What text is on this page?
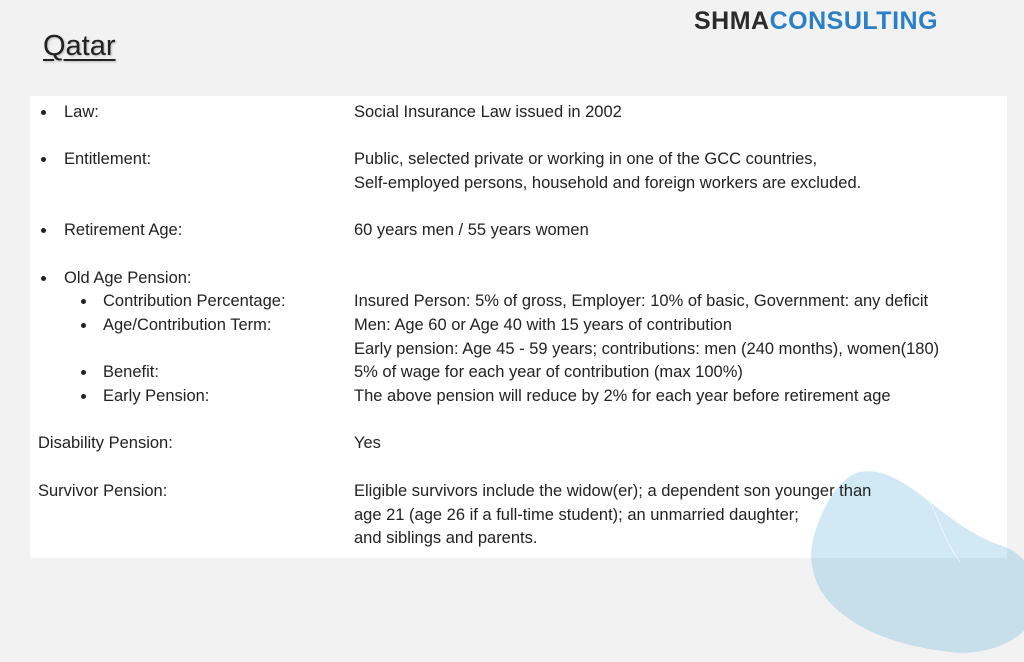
Qatar
SHMACONSULTING
Law:	Social Insurance Law issued in 2002
Entitlement:	Public, selected private or working in one of the GCC countries,
Self-employed persons, household and foreign workers are excluded.
Retirement Age:	60 years men / 55 years women
Old Age Pension:
Contribution Percentage:	Insured Person: 5% of gross, Employer: 10% of basic, Government: any deficit
Age/Contribution Term:	Men: Age 60 or Age 40 with 15 years of contribution
Early pension: Age 45 - 59 years; contributions: men (240 months), women(180)
Benefit:	5% of wage for each year of contribution (max 100%)
Early Pension:	The above pension will reduce by 2% for each year before retirement age
Disability Pension:	Yes
Survivor Pension:	Eligible survivors include the widow(er); a dependent son younger than
age 21 (age 26 if a full-time student); an unmarried daughter;
and siblings and parents.
